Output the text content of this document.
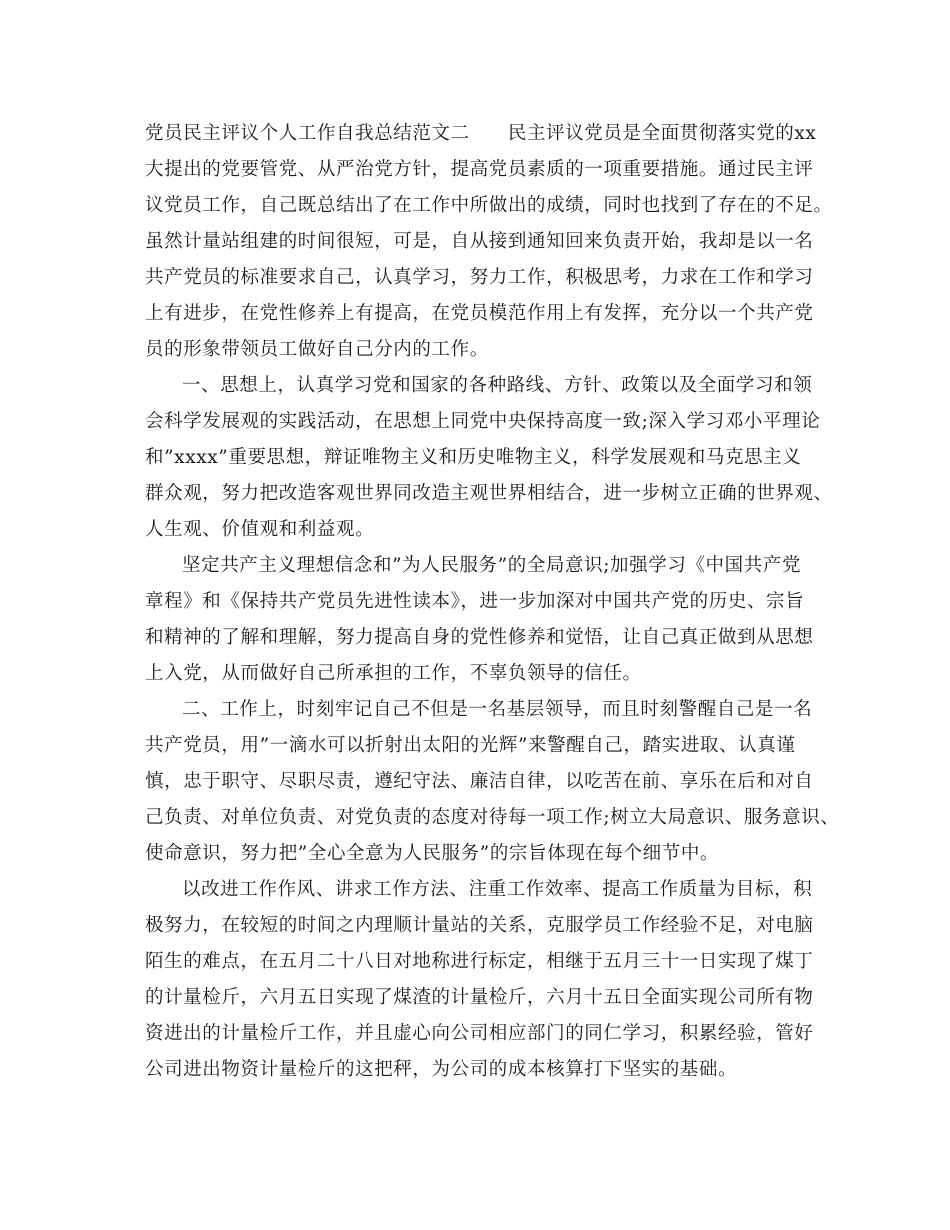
党员民主评议个人工作自我总结范文二　　民主评议党员是全面贯彻落实党的xx
大提出的党要管党、从严治党方针，提高党员素质的一项重要措施。通过民主评
议党员工作，自己既总结出了在工作中所做出的成绩，同时也找到了存在的不足。
虽然计量站组建的时间很短，可是，自从接到通知回来负责开始，我却是以一名
共产党员的标准要求自己，认真学习，努力工作，积极思考，力求在工作和学习
上有进步，在党性修养上有提高，在党员模范作用上有发挥，充分以一个共产党
员的形象带领员工做好自己分内的工作。
一、思想上，认真学习党和国家的各种路线、方针、政策以及全面学习和领
会科学发展观的实践活动，在思想上同党中央保持高度一致;深入学习邓小平理论
和”xxxx”重要思想，辩证唯物主义和历史唯物主义，科学发展观和马克思主义
群众观，努力把改造客观世界同改造主观世界相结合，进一步树立正确的世界观、
人生观、价值观和利益观。
坚定共产主义理想信念和”为人民服务”的全局意识;加强学习《中国共产党
章程》和《保持共产党员先进性读本》，进一步加深对中国共产党的历史、宗旨
和精神的了解和理解，努力提高自身的党性修养和觉悟，让自己真正做到从思想
上入党，从而做好自己所承担的工作，不辜负领导的信任。
二、工作上，时刻牢记自己不但是一名基层领导，而且时刻警醒自己是一名
共产党员，用”一滴水可以折射出太阳的光辉”来警醒自己，踏实进取、认真谨
慎，忠于职守、尽职尽责，遵纪守法、廉洁自律，以吃苦在前、享乐在后和对自
己负责、对单位负责、对党负责的态度对待每一项工作;树立大局意识、服务意识、
使命意识，努力把”全心全意为人民服务”的宗旨体现在每个细节中。
以改进工作作风、讲求工作方法、注重工作效率、提高工作质量为目标，积
极努力，在较短的时间之内理顺计量站的关系，克服学员工作经验不足，对电脑
陌生的难点，在五月二十八日对地称进行标定，相继于五月三十一日实现了煤丁
的计量检斤，六月五日实现了煤渣的计量检斤，六月十五日全面实现公司所有物
资进出的计量检斤工作，并且虚心向公司相应部门的同仁学习，积累经验，管好
公司进出物资计量检斤的这把秤，为公司的成本核算打下坚实的基础。
